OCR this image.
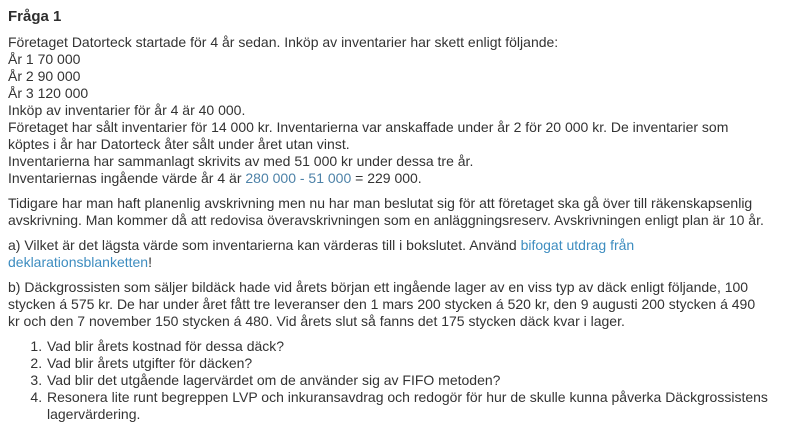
Fråga 1
Företaget Datorteck startade för 4 år sedan. Inköp av inventarier har skett enligt följande:
År 1 70 000
År 2 90 000
År 3 120 000
Inköp av inventarier för år 4 är 40 000.
Företaget har sålt inventarier för 14 000 kr. Inventarierna var anskaffade under år 2 för 20 000 kr. De inventarier som köptes i år har Datorteck åter sålt under året utan vinst.
Inventarierna har sammanlagt skrivits av med 51 000 kr under dessa tre år.
Inventariernas ingående värde år 4 är 280 000 - 51 000 = 229 000.
Tidigare har man haft planenlig avskrivning men nu har man beslutat sig för att företaget ska gå över till räkenskapsenlig avskrivning. Man kommer då att redovisa överavskrivningen som en anläggningsreserv. Avskrivningen enligt plan är 10 år.
a) Vilket är det lägsta värde som inventarierna kan värderas till i bokslutet. Använd bifogat utdrag från deklarationsblanketten!
b) Däckgrossisten som säljer bildäck hade vid årets början ett ingående lager av en viss typ av däck enligt följande, 100 stycken á 575 kr. De har under året fått tre leveranser den 1 mars 200 stycken á 520 kr, den 9 augusti 200 stycken á 490 kr och den 7 november 150 stycken á 480. Vid årets slut så fanns det 175 stycken däck kvar i lager.
1. Vad blir årets kostnad för dessa däck?
2. Vad blir årets utgifter för däcken?
3. Vad blir det utgående lagervärdet om de använder sig av FIFO metoden?
4. Resonera lite runt begreppen LVP och inkuransavdrag och redogör för hur de skulle kunna påverka Däckgrossistens lagervärdering.
